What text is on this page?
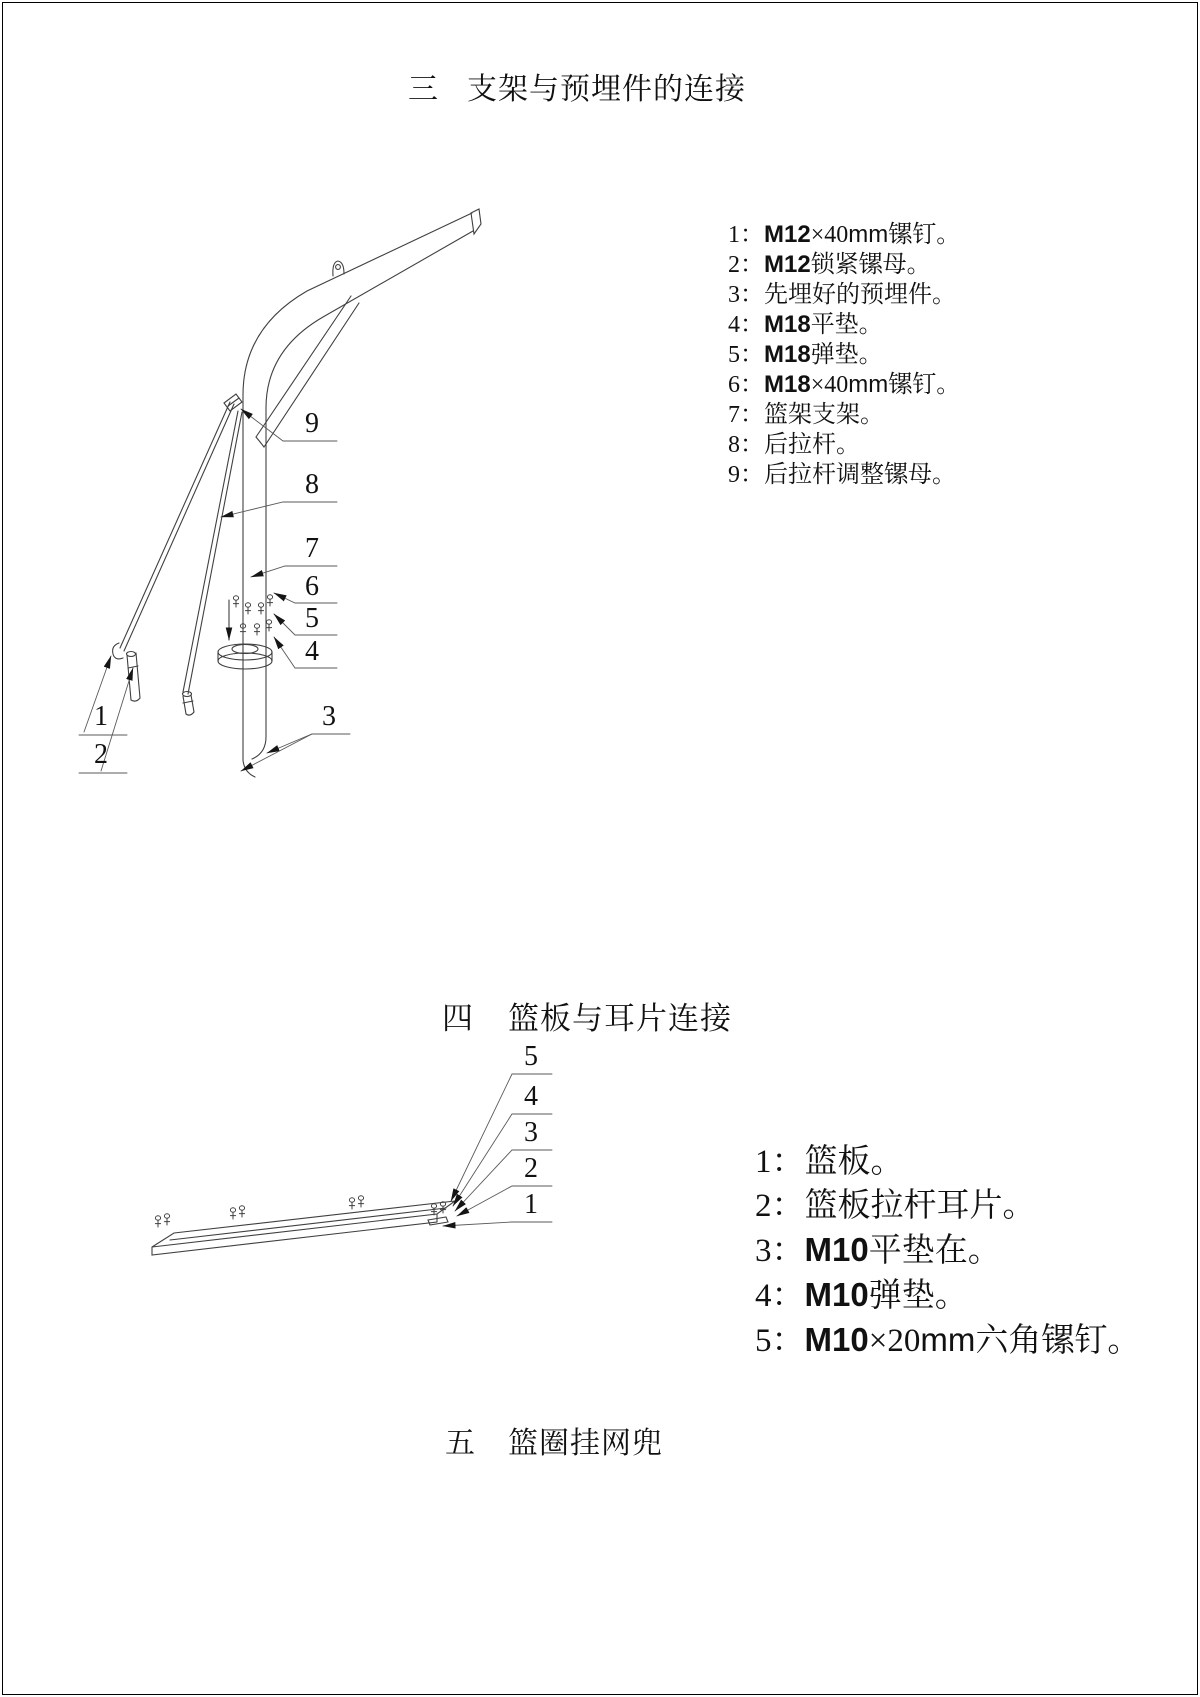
三 支架与预埋件的连接
1：M12×40mm镙钉。
2：M12锁紧镙母。
3：先埋好的预埋件。
4：M18平垫。
5：M18弹垫。
6：M18×40mm镙钉。
7：篮架支架。
8：后拉杆。
9：后拉杆调整镙母。
9
8
7
6
5
4
3
1
2
四 篮板与耳片连接
1：篮板。
2：篮板拉杆耳片。
3：M10平垫在。
4：M10弹垫。
5：M10×20mm六角镙钉。
5
4
3
2
1
五 篮圈挂网兜
